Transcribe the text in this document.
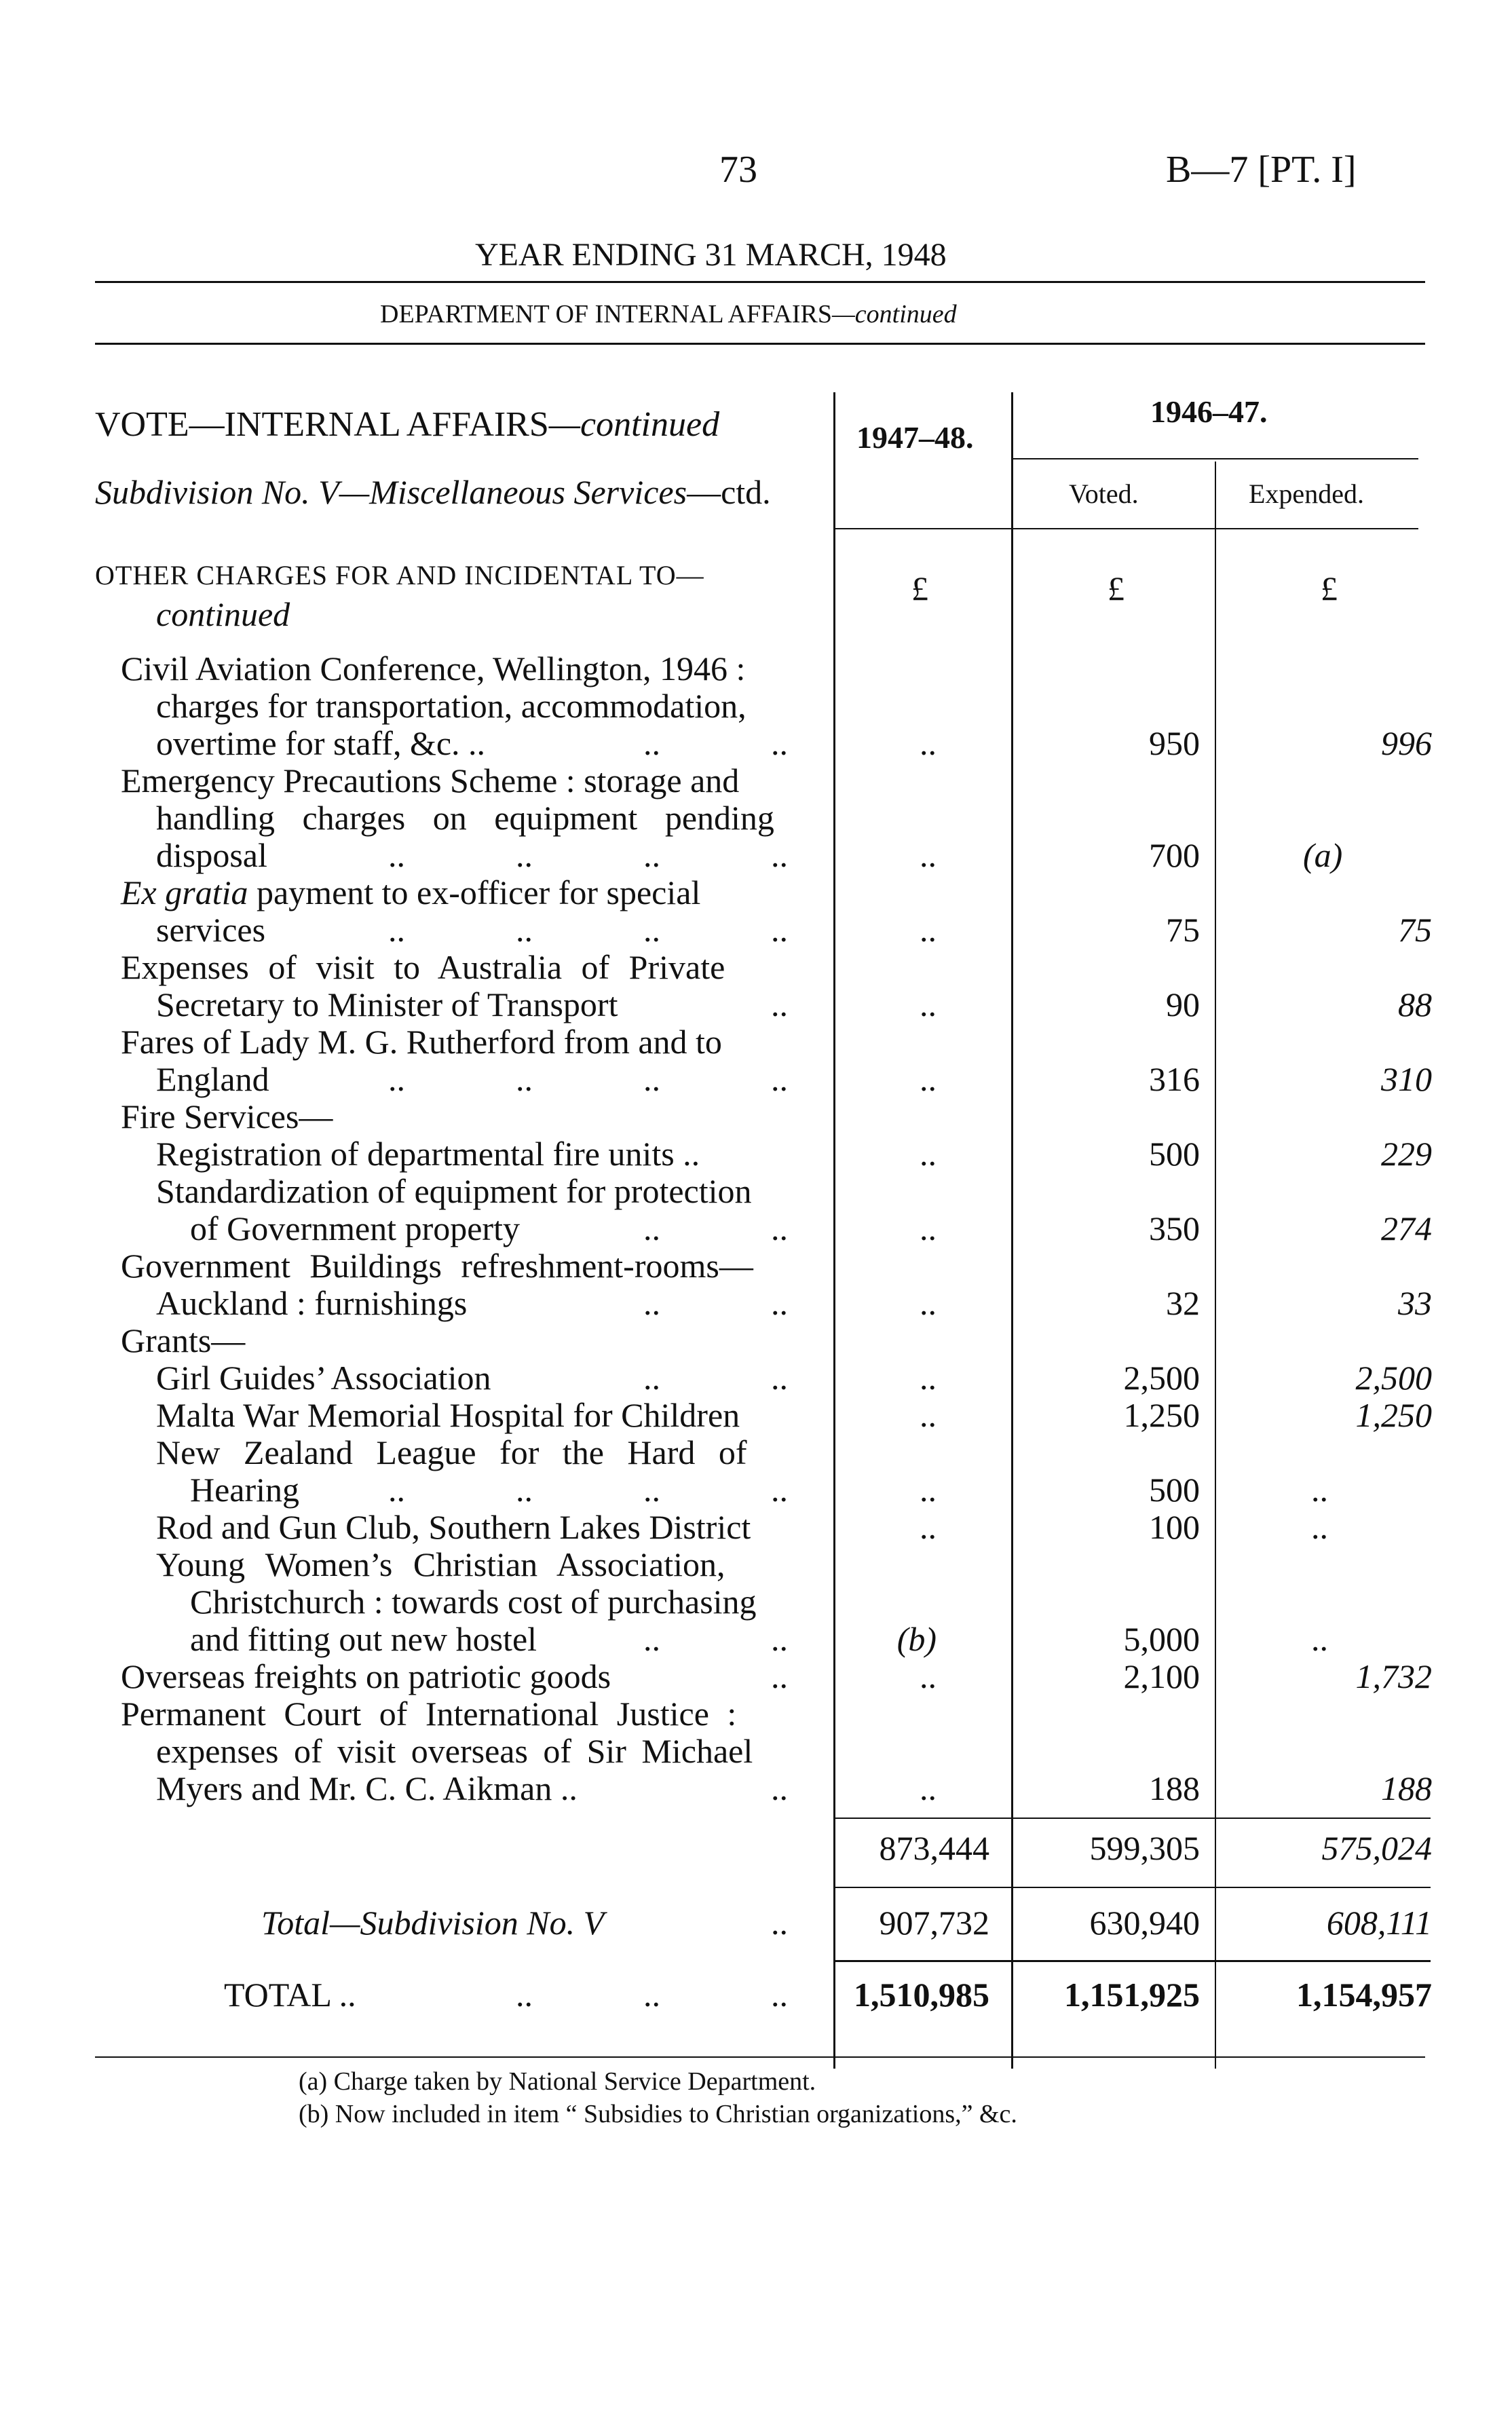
73	B—7 [PT. I]
YEAR ENDING 31 MARCH, 1948
DEPARTMENT OF INTERNAL AFFAIRS—continued
VOTE—INTERNAL AFFAIRS—continued
Subdivision No. V—Miscellaneous Services—ctd.
1947–48.
1946–47.
Voted.	Expended.
£	£	£
OTHER CHARGES FOR AND INCIDENTAL TO—
continued
Civil Aviation Conference, Wellington, 1946 :
charges for transportation, accommodation,
overtime for staff, &c. ..	..	..	..	950	996
Emergency Precautions Scheme : storage and
handling charges on equipment pending
disposal	..	..	..	..	..	700	(a)
Ex gratia payment to ex-officer for special
services	..	..	..	..	..	75	75
Expenses of visit to Australia of Private
Secretary to Minister of Transport	..	..	90	88
Fares of Lady M. G. Rutherford from and to
England	..	..	..	..	..	316	310
Fire Services—
Registration of departmental fire units ..	..	500	229
Standardization of equipment for protection
of Government property	..	..	..	350	274
Government Buildings refreshment-rooms—
Auckland : furnishings	..	..	..	32	33
Grants—
Girl Guides’ Association	..	..	..	2,500	2,500
Malta War Memorial Hospital for Children	..	1,250	1,250
New Zealand League for the Hard of
Hearing	..	..	..	..	..	500	..
Rod and Gun Club, Southern Lakes District	..	100	..
Young Women’s Christian Association,
Christchurch : towards cost of purchasing
and fitting out new hostel	..	..	(b)	5,000	..
Overseas freights on patriotic goods	..	..	2,100	1,732
Permanent Court of International Justice :
expenses of visit overseas of Sir Michael
Myers and Mr. C. C. Aikman ..	..	..	188	188
873,444	599,305	575,024
Total—Subdivision No. V	..	907,732	630,940	608,111
TOTAL ..	..	..	.. 1,510,985 1,151,925	1,154,957
(a) Charge taken by National Service Department.
(b) Now included in item “ Subsidies to Christian organizations,” &c.
